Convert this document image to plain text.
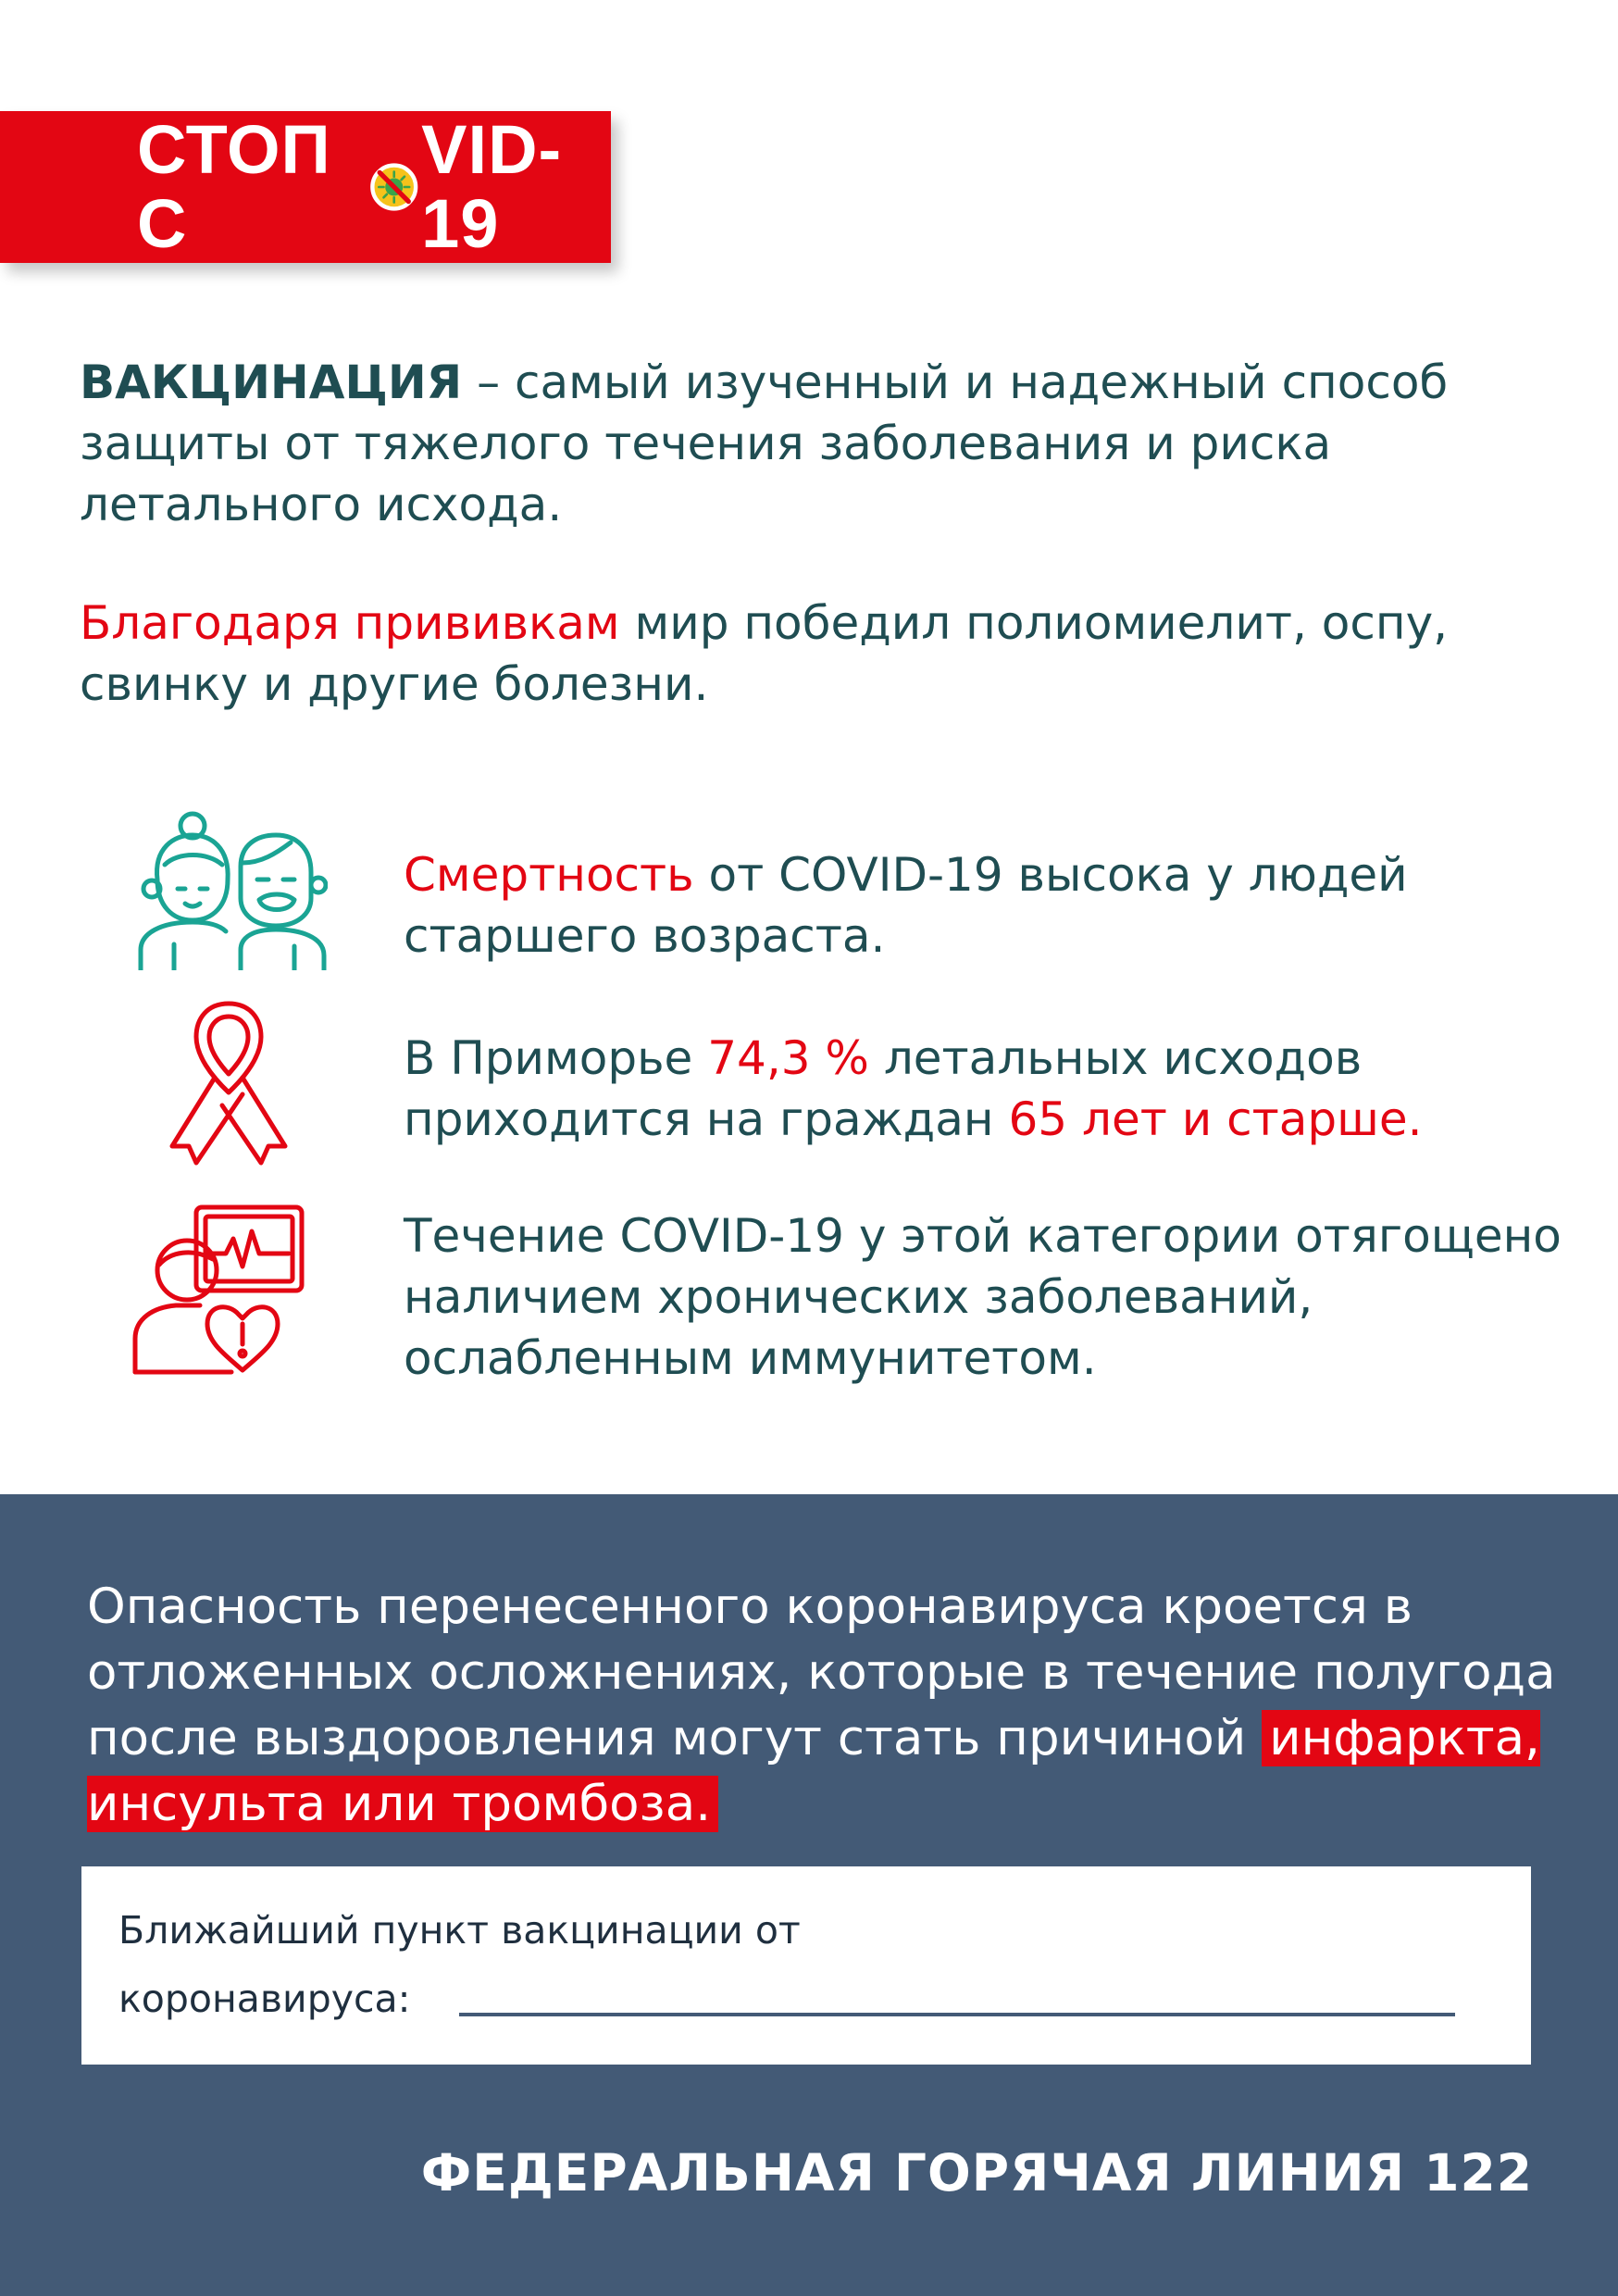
СТОП C
VID-19

ВАКЦИНАЦИЯ – самый изученный и надежный способ защиты от тяжелого течения заболевания и риска летального исхода.

Благодаря прививкам мир победил полиомиелит, оспу, свинку и другие болезни.

Смертность от COVID-19 высока у людей старшего возраста.

В Приморье 74,3 % летальных исходов приходится на граждан 65 лет и старше.

Течение COVID-19 у этой категории отягощено наличием хронических заболеваний, ослабленным иммунитетом.

Опасность перенесенного коронавируса кроется в отложенных осложнениях, которые в течение полугода после выздоровления могут стать причиной инфаркта, инсульта или тромбоза.

Ближайший пункт вакцинации от

коронавируса:

ФЕДЕРАЛЬНАЯ ГОРЯЧАЯ ЛИНИЯ 122
